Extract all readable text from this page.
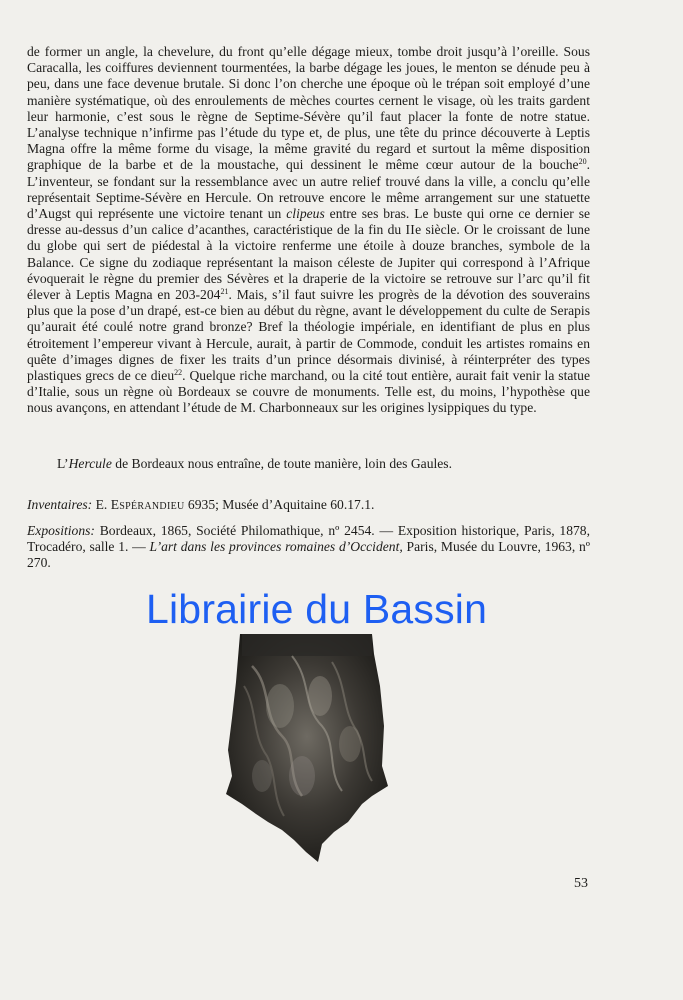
de former un angle, la chevelure, du front qu’elle dégage mieux, tombe droit jusqu’à l’oreille. Sous Caracalla, les coiffures deviennent tourmentées, la barbe dégage les joues, le menton se dénude peu à peu, dans une face devenue brutale. Si donc l’on cherche une époque où le trépan soit employé d’une manière systématique, où des enroulements de mèches courtes cernent le visage, où les traits gardent leur harmonie, c’est sous le règne de Septime-Sévère qu’il faut placer la fonte de notre statue. L’analyse technique n’infirme pas l’étude du type et, de plus, une tête du prince découverte à Leptis Magna offre la même forme du visage, la même gravité du regard et surtout la même disposition graphique de la barbe et de la moustache, qui dessinent le même cœur autour de la bouche$^{20}$. L’inventeur, se fondant sur la ressemblance avec un autre relief trouvé dans la ville, a conclu qu’elle représentait Septime-Sévère en Hercule. On retrouve encore le même arrangement sur une statuette d’Augst qui représente une victoire tenant un clipeus entre ses bras. Le buste qui orne ce dernier se dresse au-dessus d’un calice d’acanthes, caractéristique de la fin du IIe siècle. Or le croissant de lune du globe qui sert de piédestal à la victoire renferme une étoile à douze branches, symbole de la Balance. Ce signe du zodiaque représentant la maison céleste de Jupiter qui correspond à l’Afrique évoquerait le règne du premier des Sévères et la draperie de la victoire se retrouve sur l’arc qu’il fit élever à Leptis Magna en $203-204^{21}$. Mais, s’il faut suivre les progrès de la dévotion des souverains plus que la pose d’un drapé, est-ce bien au début du règne, avant le développement du culte de Serapis qu’aurait été coulé notre grand bronze? Bref la théologie impériale, en identifiant de plus en plus étroitement l’empereur vivant à Hercule, aurait, à partir de Commode, conduit les artistes romains en quête d’images dignes de fixer les traits d’un prince désormais divinisé, à réinterpréter des types plastiques grecs de ce dieu$^{22}$. Quelque riche marchand, ou la cité tout entière, aurait fait venir la statue d’Italie, sous un règne où Bordeaux se couvre de monuments. Telle est, du moins, l’hypothèse que nous avançons, en attendant l’étude de M. Charbonneaux sur les origines lysippiques du type.

L’Hercule de Bordeaux nous entraîne, de toute manière, loin des Gaules.

Inventaires: E. Espérandieu 6935; Musée d’Aquitaine 60.17.1.

Expositions: Bordeaux, 1865, Société Philomathique, nº 2454. — Exposition historique, Paris, 1878, Trocadéro, salle 1. — L’art dans les provinces romaines d’Occident, Paris, Musée du Louvre, 1963, nº 270.

Librairie du Bassin
53
